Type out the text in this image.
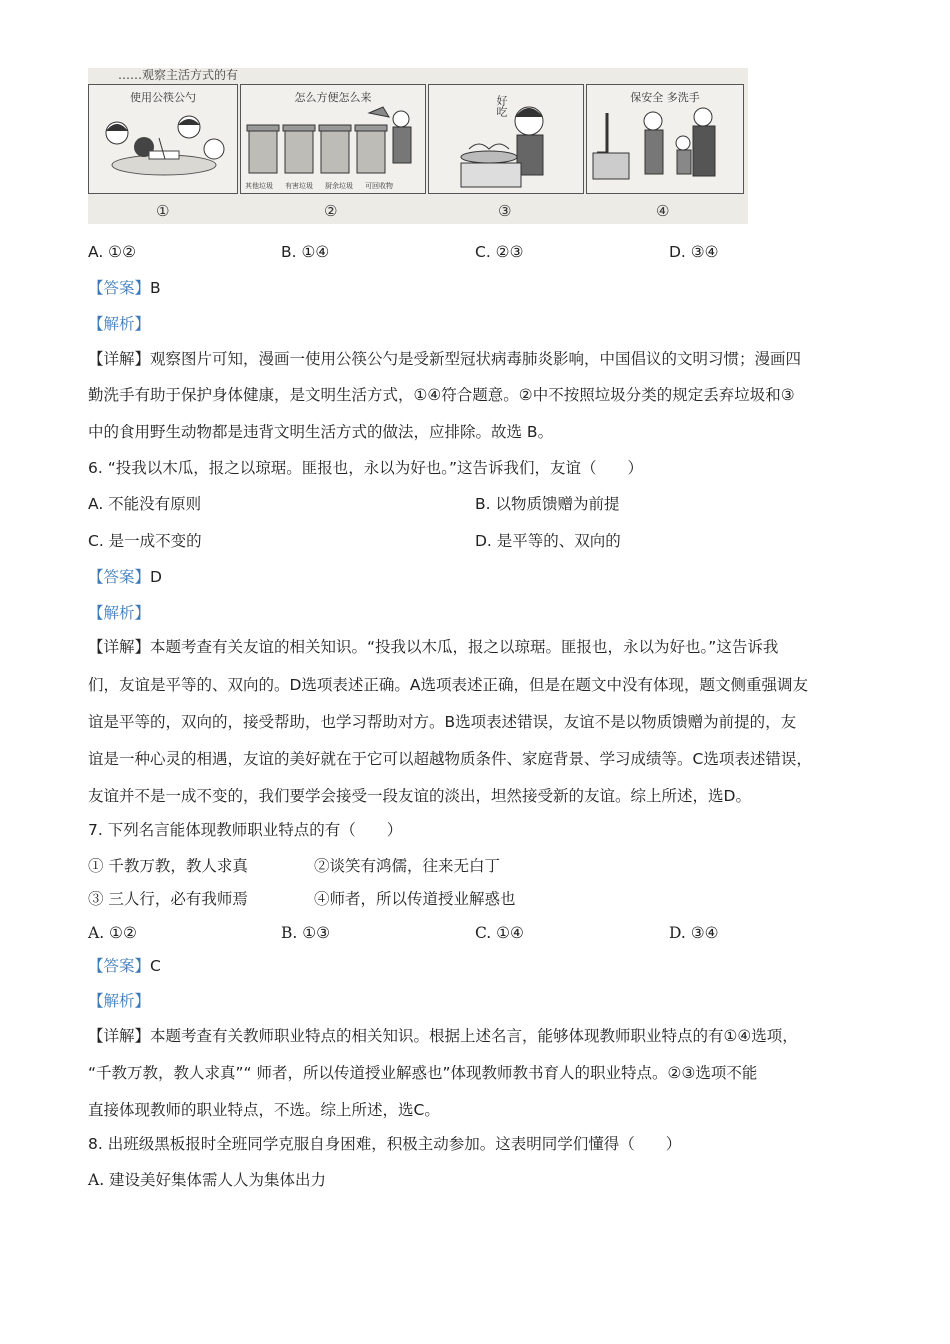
……观察主活方式的有
使用公筷公勺
①
怎么方便怎么来
其他垃圾 有害垃圾 厨余垃圾 可回收物
②
好吃
③
保安全 多洗手
④
A. ①②	B. ①④	C. ②③	D. ③④
【答案】B
【解析】
【详解】观察图片可知，漫画一使用公筷公勺是受新型冠状病毒肺炎影响，中国倡议的文明习惯；漫画四
勤洗手有助于保护身体健康，是文明生活方式，①④符合题意。②中不按照垃圾分类的规定丢弃垃圾和③
中的食用野生动物都是违背文明生活方式的做法，应排除。故选 B。
6. “投我以木瓜，报之以琼琚。匪报也，永以为好也。”这告诉我们，友谊（　　）
A. 不能没有原则	B. 以物质馈赠为前提
C. 是一成不变的	D. 是平等的、双向的
【答案】D
【解析】
【详解】本题考查有关友谊的相关知识。“投我以木瓜，报之以琼琚。匪报也，永以为好也。”这告诉我
们，友谊是平等的、双向的。D选项表述正确。A选项表述正确，但是在题文中没有体现，题文侧重强调友
谊是平等的，双向的，接受帮助，也学习帮助对方。B选项表述错误，友谊不是以物质馈赠为前提的，友
谊是一种心灵的相遇，友谊的美好就在于它可以超越物质条件、家庭背景、学习成绩等。C选项表述错误，
友谊并不是一成不变的，我们要学会接受一段友谊的淡出，坦然接受新的友谊。综上所述，选D。
7. 下列名言能体现教师职业特点的有（　　）
① 千教万教，教人求真	②谈笑有鸿儒，往来无白丁
③ 三人行，必有我师焉	④师者，所以传道授业解惑也
A. ①②	B. ①③	C. ①④	D. ③④
【答案】C
【解析】
【详解】本题考查有关教师职业特点的相关知识。根据上述名言，能够体现教师职业特点的有①④选项，
“千教万教，教人求真”“ 师者，所以传道授业解惑也”体现教师教书育人的职业特点。②③选项不能
直接体现教师的职业特点，不选。综上所述，选C。
8. 出班级黑板报时全班同学克服自身困难，积极主动参加。这表明同学们懂得（　　）
A. 建设美好集体需人人为集体出力
